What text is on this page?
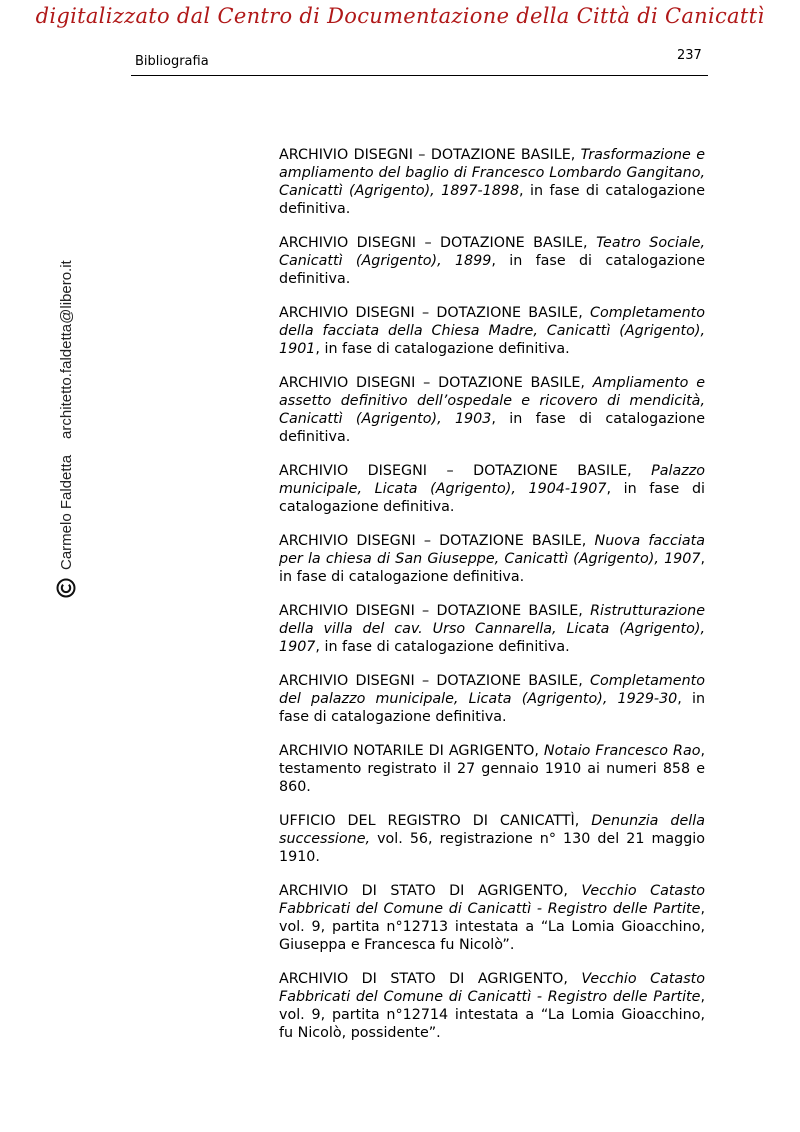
digitalizzato dal Centro di Documentazione della Città di Canicattì
Bibliografia	237
Carmelo Faldetta
architetto.faldetta@libero.it

ARCHIVIO DISEGNI – DOTAZIONE BASILE, Trasformazione e ampliamento del baglio di Francesco Lombardo Gangitano, Canicattì (Agrigento), 1897-1898, in fase di catalogazione definitiva.

ARCHIVIO DISEGNI – DOTAZIONE BASILE, Teatro Sociale, Canicattì (Agrigento), 1899, in fase di catalogazione definitiva.

ARCHIVIO DISEGNI – DOTAZIONE BASILE, Completamento della facciata della Chiesa Madre, Canicattì (Agrigento), 1901, in fase di catalogazione definitiva.

ARCHIVIO DISEGNI – DOTAZIONE BASILE, Ampliamento e assetto definitivo dell’ospedale e ricovero di mendicità, Canicattì (Agrigento), 1903, in fase di catalogazione definitiva.

ARCHIVIO DISEGNI – DOTAZIONE BASILE, Palazzo municipale, Licata (Agrigento), 1904-1907, in fase di catalogazione definitiva.

ARCHIVIO DISEGNI – DOTAZIONE BASILE, Nuova facciata per la chiesa di San Giuseppe, Canicattì (Agrigento), 1907, in fase di catalogazione definitiva.

ARCHIVIO DISEGNI – DOTAZIONE BASILE, Ristrutturazione della villa del cav. Urso Cannarella, Licata (Agrigento), 1907, in fase di catalogazione definitiva.

ARCHIVIO DISEGNI – DOTAZIONE BASILE, Completamento del palazzo municipale, Licata (Agrigento), 1929-30, in fase di catalogazione definitiva.

ARCHIVIO NOTARILE DI AGRIGENTO, Notaio Francesco Rao, testamento registrato il 27 gennaio 1910 ai numeri 858 e 860.

UFFICIO DEL REGISTRO DI CANICATTÌ, Denunzia della successione, vol. 56, registrazione n° 130 del 21 maggio 1910.

ARCHIVIO DI STATO DI AGRIGENTO, Vecchio Catasto Fabbricati del Comune di Canicattì - Registro delle Partite, vol. 9, partita n°12713 intestata a “La Lomia Gioacchino, Giuseppa e Francesca fu Nicolò”.

ARCHIVIO DI STATO DI AGRIGENTO, Vecchio Catasto Fabbricati del Comune di Canicattì - Registro delle Partite, vol. 9, partita n°12714 intestata a “La Lomia Gioacchino, fu Nicolò, possidente”.
